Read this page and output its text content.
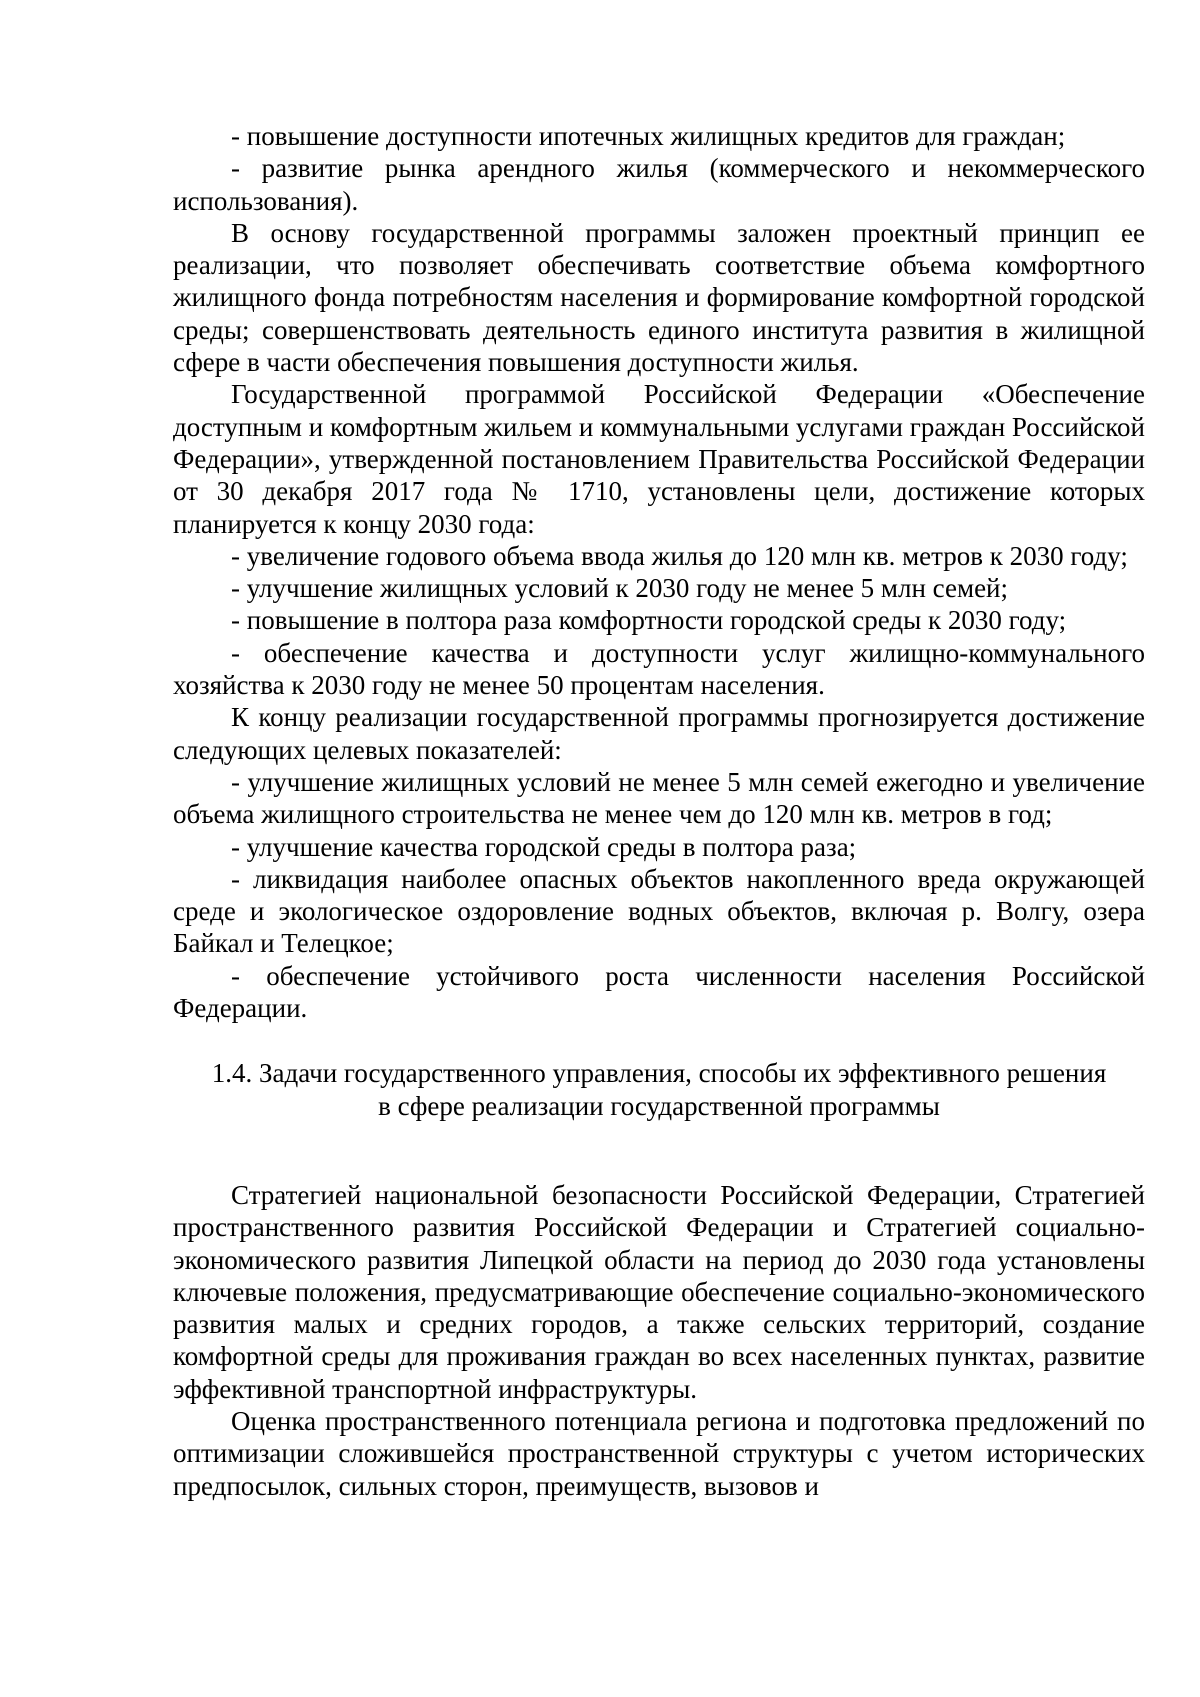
- повышение доступности ипотечных жилищных кредитов для граждан;

- развитие рынка арендного жилья (коммерческого и некоммерческого использования).

В основу государственной программы заложен проектный принцип ее реализации, что позволяет обеспечивать соответствие объема комфортного жилищного фонда потребностям населения и формирование комфортной городской среды; совершенствовать деятельность единого института развития в жилищной сфере в части обеспечения повышения доступности жилья.

Государственной программой Российской Федерации «Обеспечение доступным и комфортным жильем и коммунальными услугами граждан Российской Федерации», утвержденной постановлением Правительства Российской Федерации от 30 декабря 2017 года № 1710, установлены цели, достижение которых планируется к концу 2030 года:

- увеличение годового объема ввода жилья до 120 млн кв. метров к 2030 году;

- улучшение жилищных условий к 2030 году не менее 5 млн семей;

- повышение в полтора раза комфортности городской среды к 2030 году;

- обеспечение качества и доступности услуг жилищно-коммунального хозяйства к 2030 году не менее 50 процентам населения.

К концу реализации государственной программы прогнозируется достижение следующих целевых показателей:

- улучшение жилищных условий не менее 5 млн семей ежегодно и увеличение объема жилищного строительства не менее чем до 120 млн кв. метров в год;

- улучшение качества городской среды в полтора раза;

- ликвидация наиболее опасных объектов накопленного вреда окружающей среде и экологическое оздоровление водных объектов, включая р. Волгу, озера Байкал и Телецкое;

- обеспечение устойчивого роста численности населения Российской Федерации.

1.4. Задачи государственного управления, способы их эффективного решения
в сфере реализации государственной программы

Стратегией национальной безопасности Российской Федерации, Стратегией пространственного развития Российской Федерации и Стратегией социально-экономического развития Липецкой области на период до 2030 года установлены ключевые положения, предусматривающие обеспечение социально-экономического развития малых и средних городов, а также сельских территорий, создание комфортной среды для проживания граждан во всех населенных пунктах, развитие эффективной транспортной инфраструктуры.

Оценка пространственного потенциала региона и подготовка предложений по оптимизации сложившейся пространственной структуры с учетом исторических предпосылок, сильных сторон, преимуществ, вызовов и
